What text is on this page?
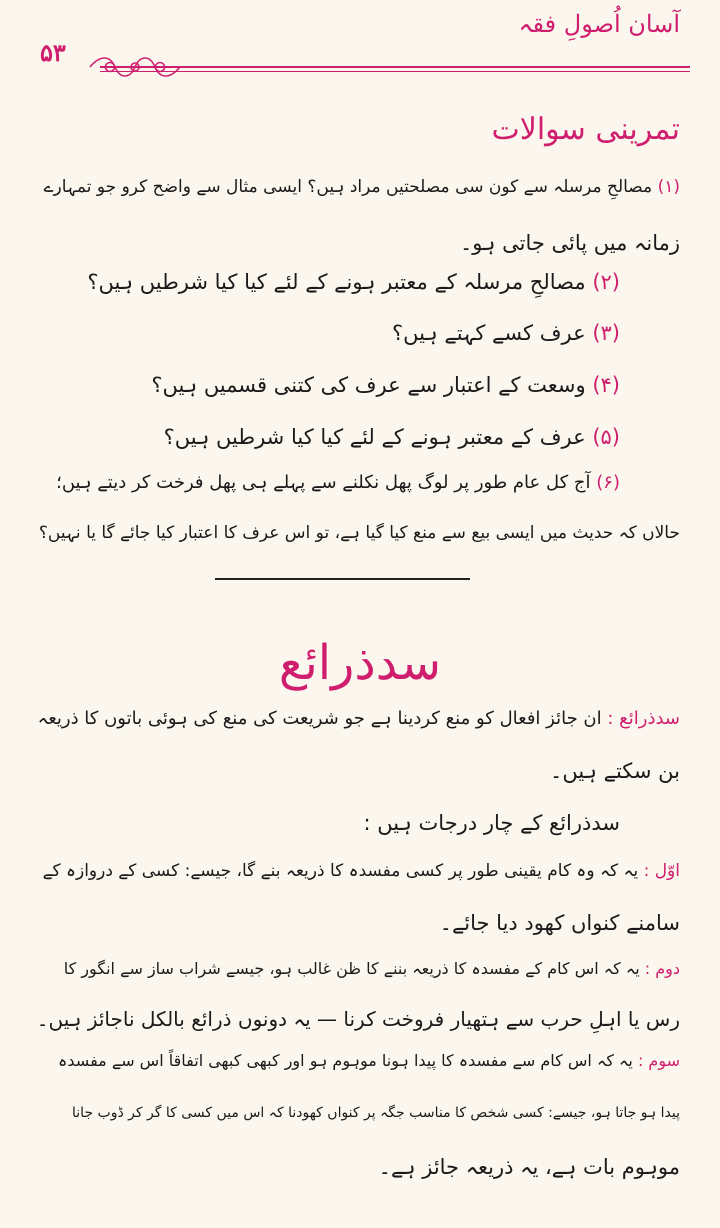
آسان اُصولِ فقہ
۵۳
تمرینی سوالات
(۱) مصالحِ مرسلہ سے کون سی مصلحتیں مراد ہیں؟ ایسی مثال سے واضح کرو جو تمہارے
زمانہ میں پائی جاتی ہو۔
(۲) مصالحِ مرسلہ کے معتبر ہونے کے لئے کیا کیا شرطیں ہیں؟
(۳) عرف کسے کہتے ہیں؟
(۴) وسعت کے اعتبار سے عرف کی کتنی قسمیں ہیں؟
(۵) عرف کے معتبر ہونے کے لئے کیا کیا شرطیں ہیں؟
(۶) آج کل عام طور پر لوگ پھل نکلنے سے پہلے ہی پھل فرخت کر دیتے ہیں؛
حالاں کہ حدیث میں ایسی بیع سے منع کیا گیا ہے، تو اس عرف کا اعتبار کیا جائے گا یا نہیں؟
سدذرائع
سدذرائع : ان جائز افعال کو منع کردینا ہے جو شریعت کی منع کی ہوئی باتوں کا ذریعہ
بن سکتے ہیں۔
سدذرائع کے چار درجات ہیں :
اوّل : یہ کہ وہ کام یقینی طور پر کسی مفسدہ کا ذریعہ بنے گا، جیسے: کسی کے دروازہ کے
سامنے کنواں کھود دیا جائے۔
دوم : یہ کہ اس کام کے مفسدہ کا ذریعہ بننے کا ظن غالب ہو، جیسے شراب ساز سے انگور کا
رس یا اہلِ حرب سے ہتھیار فروخت کرنا — یہ دونوں ذرائع بالکل ناجائز ہیں۔
سوم : یہ کہ اس کام سے مفسدہ کا پیدا ہونا موہوم ہو اور کبھی کبھی اتفاقاً اس سے مفسدہ
پیدا ہو جاتا ہو، جیسے: کسی شخص کا مناسب جگہ پر کنواں کھودنا کہ اس میں کسی کا گر کر ڈوب جانا
موہوم بات ہے، یہ ذریعہ جائز ہے۔
